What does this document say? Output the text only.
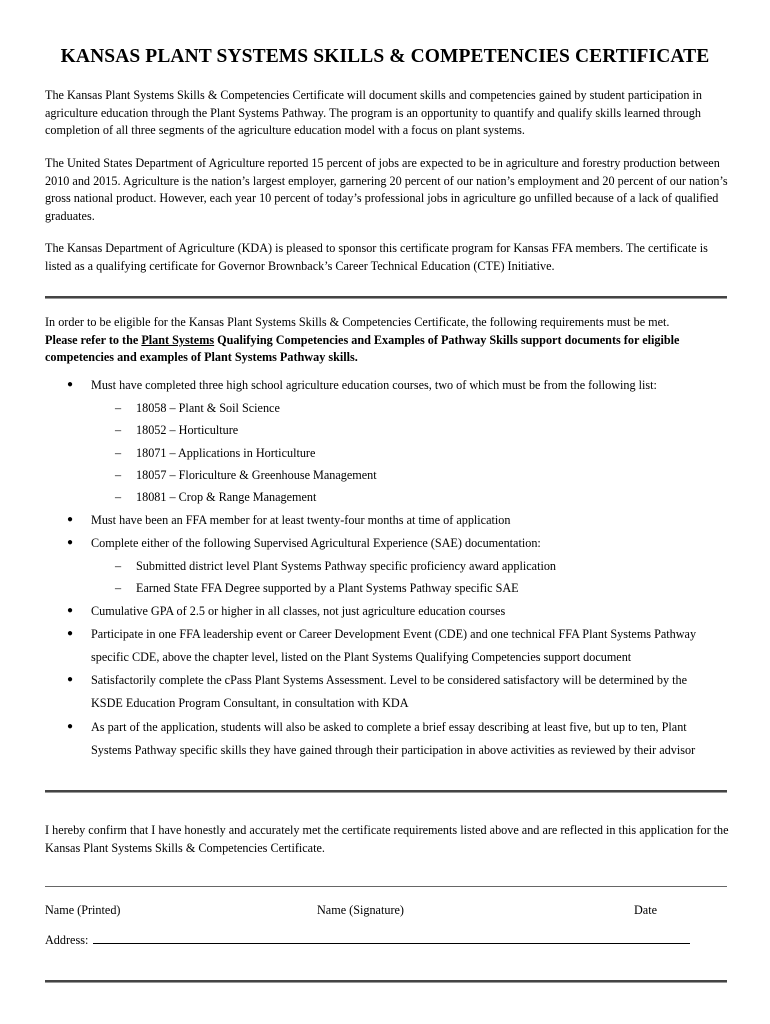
KANSAS PLANT SYSTEMS SKILLS & COMPETENCIES CERTIFICATE

The Kansas Plant Systems Skills & Competencies Certificate will document skills and competencies gained by student participation in agriculture education through the Plant Systems Pathway. The program is an opportunity to quantify and qualify skills learned through completion of all three segments of the agriculture education model with a focus on plant systems.

The United States Department of Agriculture reported 15 percent of jobs are expected to be in agriculture and forestry production between 2010 and 2015. Agriculture is the nation’s largest employer, garnering 20 percent of our nation’s employment and 20 percent of our nation’s gross national product. However, each year 10 percent of today’s professional jobs in agriculture go unfilled because of a lack of qualified graduates.

The Kansas Department of Agriculture (KDA) is pleased to sponsor this certificate program for Kansas FFA members. The certificate is listed as a qualifying certificate for Governor Brownback’s Career Technical Education (CTE) Initiative.

In order to be eligible for the Kansas Plant Systems Skills & Competencies Certificate, the following requirements must be met.
Please refer to the Plant Systems Qualifying Competencies and Examples of Pathway Skills support documents for eligible competencies and examples of Plant Systems Pathway skills.

● Must have completed three high school agriculture education courses, two of which must be from the following list:
– 18058 – Plant & Soil Science
– 18052 – Horticulture
– 18071 – Applications in Horticulture
– 18057 – Floriculture & Greenhouse Management
– 18081 – Crop & Range Management
● Must have been an FFA member for at least twenty-four months at time of application
● Complete either of the following Supervised Agricultural Experience (SAE) documentation:
– Submitted district level Plant Systems Pathway specific proficiency award application
– Earned State FFA Degree supported by a Plant Systems Pathway specific SAE
● Cumulative GPA of 2.5 or higher in all classes, not just agriculture education courses
● Participate in one FFA leadership event or Career Development Event (CDE) and one technical FFA Plant Systems Pathway
specific CDE, above the chapter level, listed on the Plant Systems Qualifying Competencies support document
● Satisfactorily complete the cPass Plant Systems Assessment. Level to be considered satisfactory will be determined by the
KSDE Education Program Consultant, in consultation with KDA
● As part of the application, students will also be asked to complete a brief essay describing at least five, but up to ten, Plant
Systems Pathway specific skills they have gained through their participation in above activities as reviewed by their advisor

I hereby confirm that I have honestly and accurately met the certificate requirements listed above and are reflected in this application for the Kansas Plant Systems Skills & Competencies Certificate.

Name (Printed)	Name (Signature)	Date
Address:
